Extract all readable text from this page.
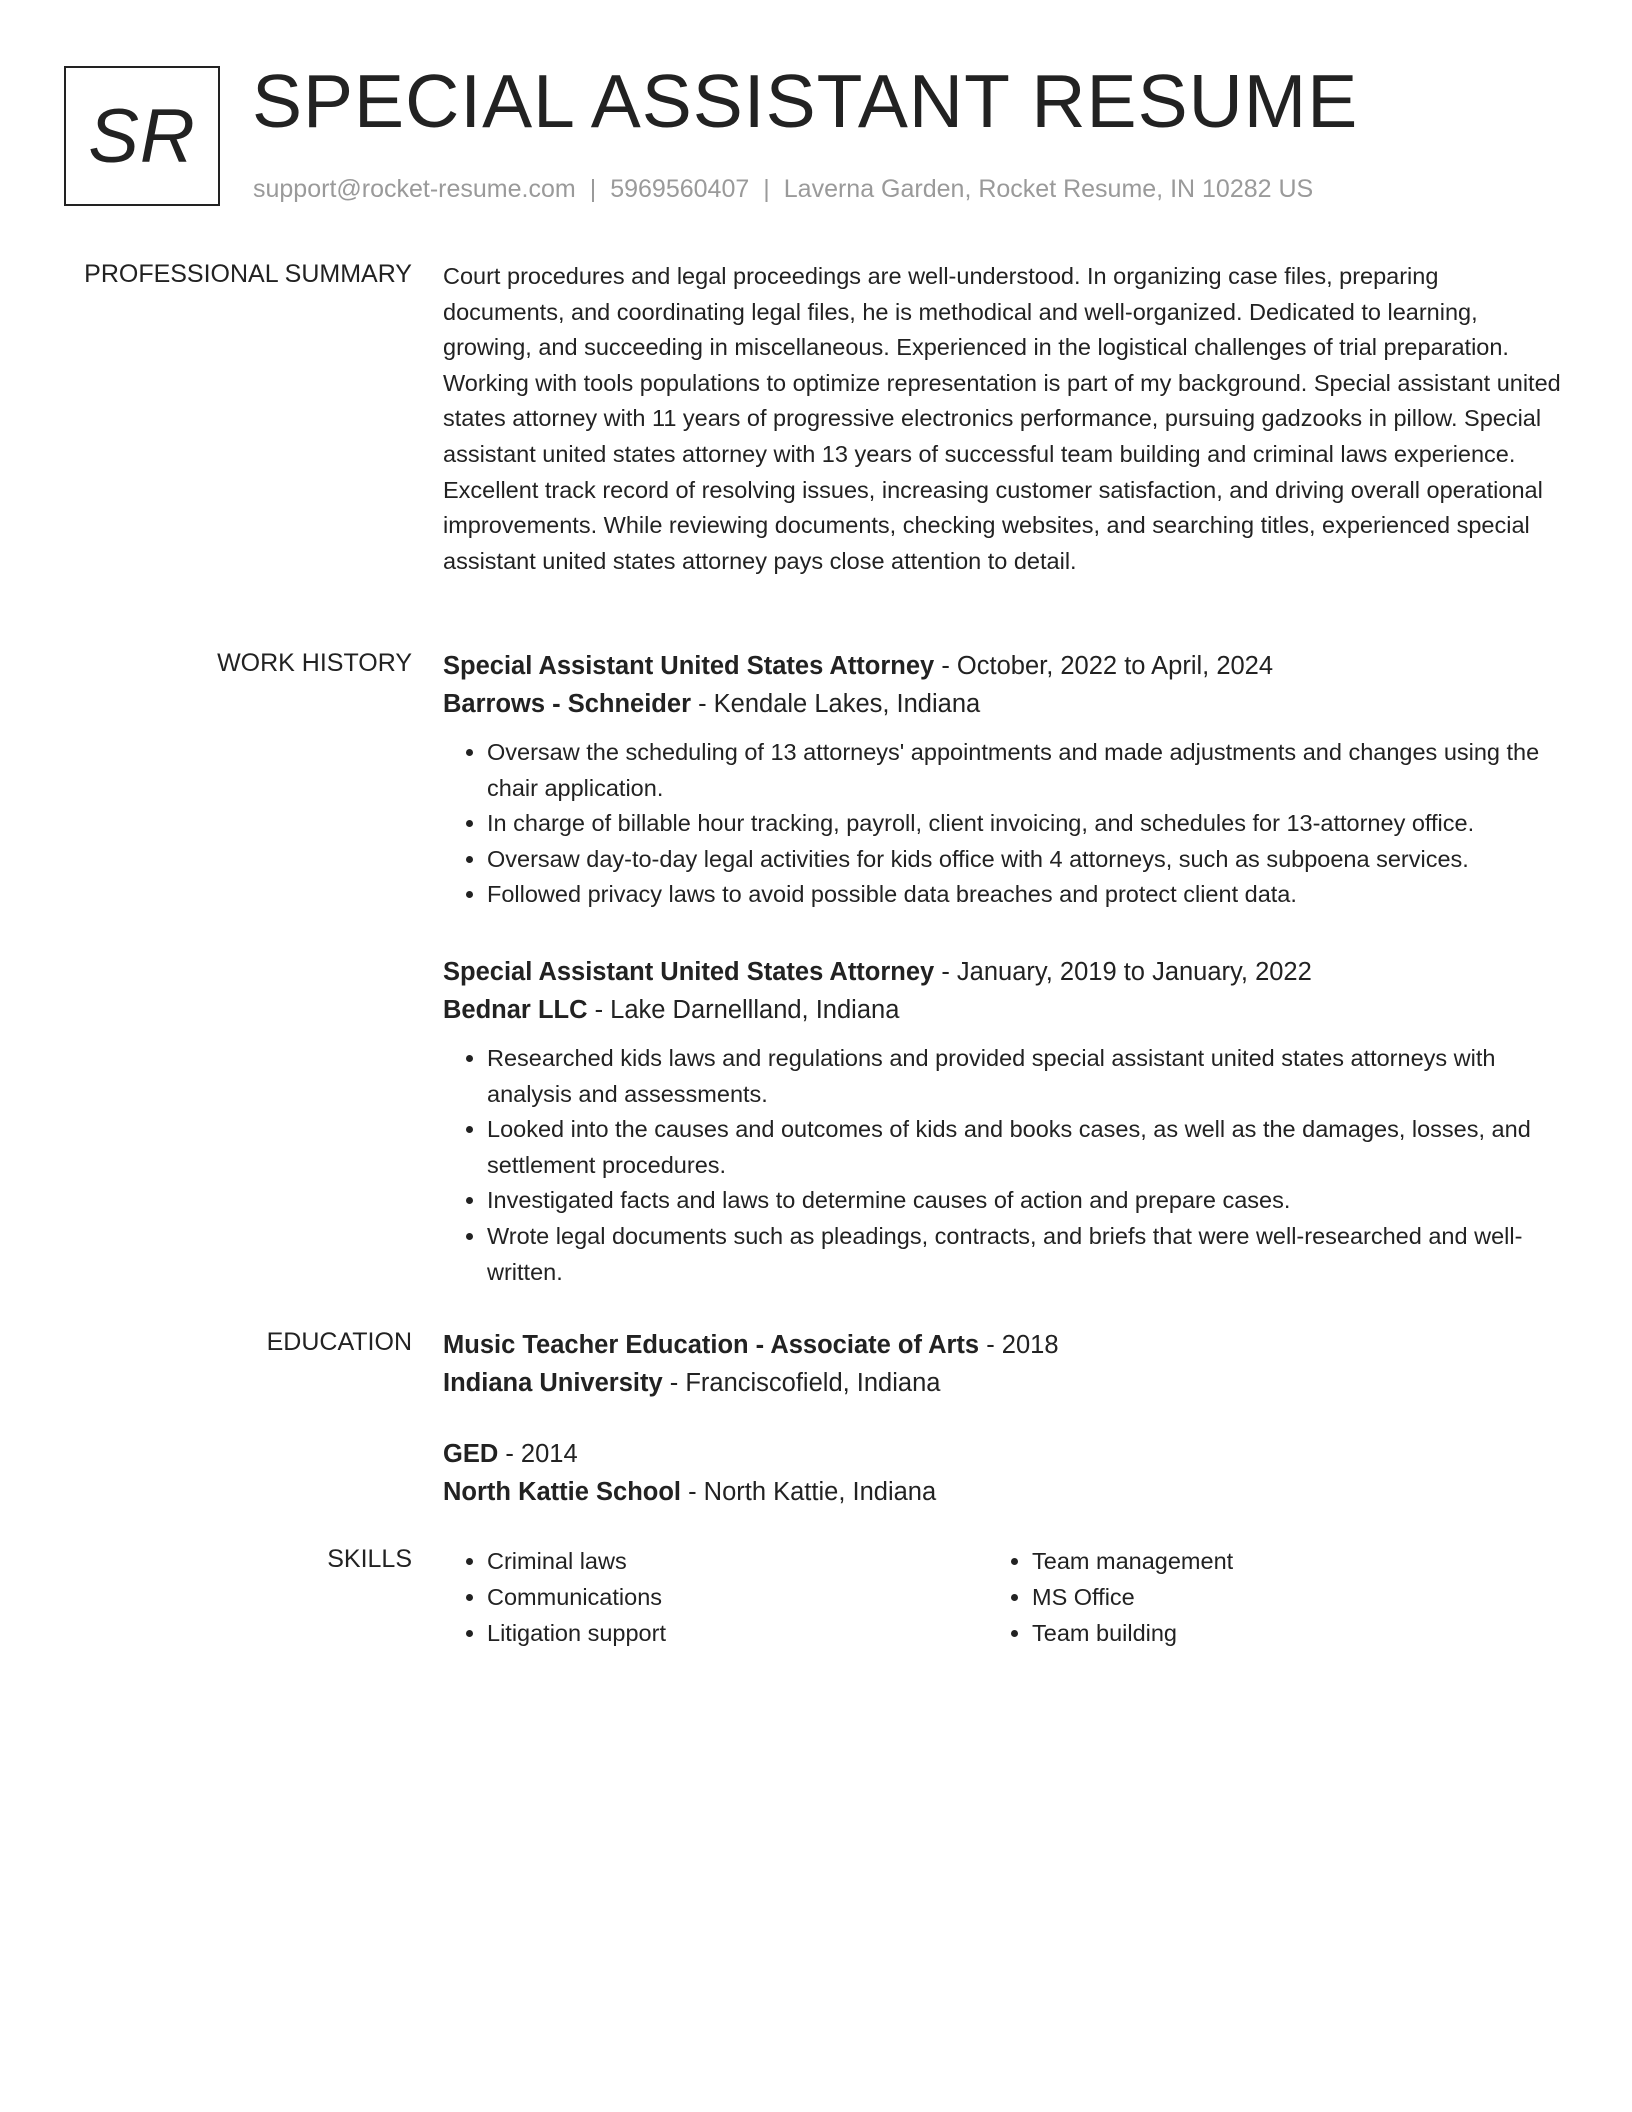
SR SPECIAL ASSISTANT RESUME
support@rocket-resume.com | 5969560407 | Laverna Garden, Rocket Resume, IN 10282 US
PROFESSIONAL SUMMARY Court procedures and legal proceedings are well-understood. In organizing case files, preparing documents, and coordinating legal files, he is methodical and well-organized. Dedicated to learning, growing, and succeeding in miscellaneous. Experienced in the logistical challenges of trial preparation. Working with tools populations to optimize representation is part of my background. Special assistant united states attorney with 11 years of progressive electronics performance, pursuing gadzooks in pillow. Special assistant united states attorney with 13 years of successful team building and criminal laws experience. Excellent track record of resolving issues, increasing customer satisfaction, and driving overall operational improvements. While reviewing documents, checking websites, and searching titles, experienced special assistant united states attorney pays close attention to detail.

WORK HISTORY Special Assistant United States Attorney - October, 2022 to April, 2024
Barrows - Schneider - Kendale Lakes, Indiana
• Oversaw the scheduling of 13 attorneys' appointments and made adjustments and changes using the chair application.
• In charge of billable hour tracking, payroll, client invoicing, and schedules for 13-attorney office.
• Oversaw day-to-day legal activities for kids office with 4 attorneys, such as subpoena services.
• Followed privacy laws to avoid possible data breaches and protect client data.
Special Assistant United States Attorney - January, 2019 to January, 2022
Bednar LLC - Lake Darnellland, Indiana
• Researched kids laws and regulations and provided special assistant united states attorneys with analysis and assessments.
• Looked into the causes and outcomes of kids and books cases, as well as the damages, losses, and settlement procedures.
• Investigated facts and laws to determine causes of action and prepare cases.
• Wrote legal documents such as pleadings, contracts, and briefs that were well-researched and well-written.
EDUCATION Music Teacher Education - Associate of Arts - 2018
Indiana University - Franciscofield, Indiana
GED - 2014
North Kattie School - North Kattie, Indiana
SKILLS
•	Criminal laws
• Communications
• Litigation support
• Team management
• MS Office
• Team building
